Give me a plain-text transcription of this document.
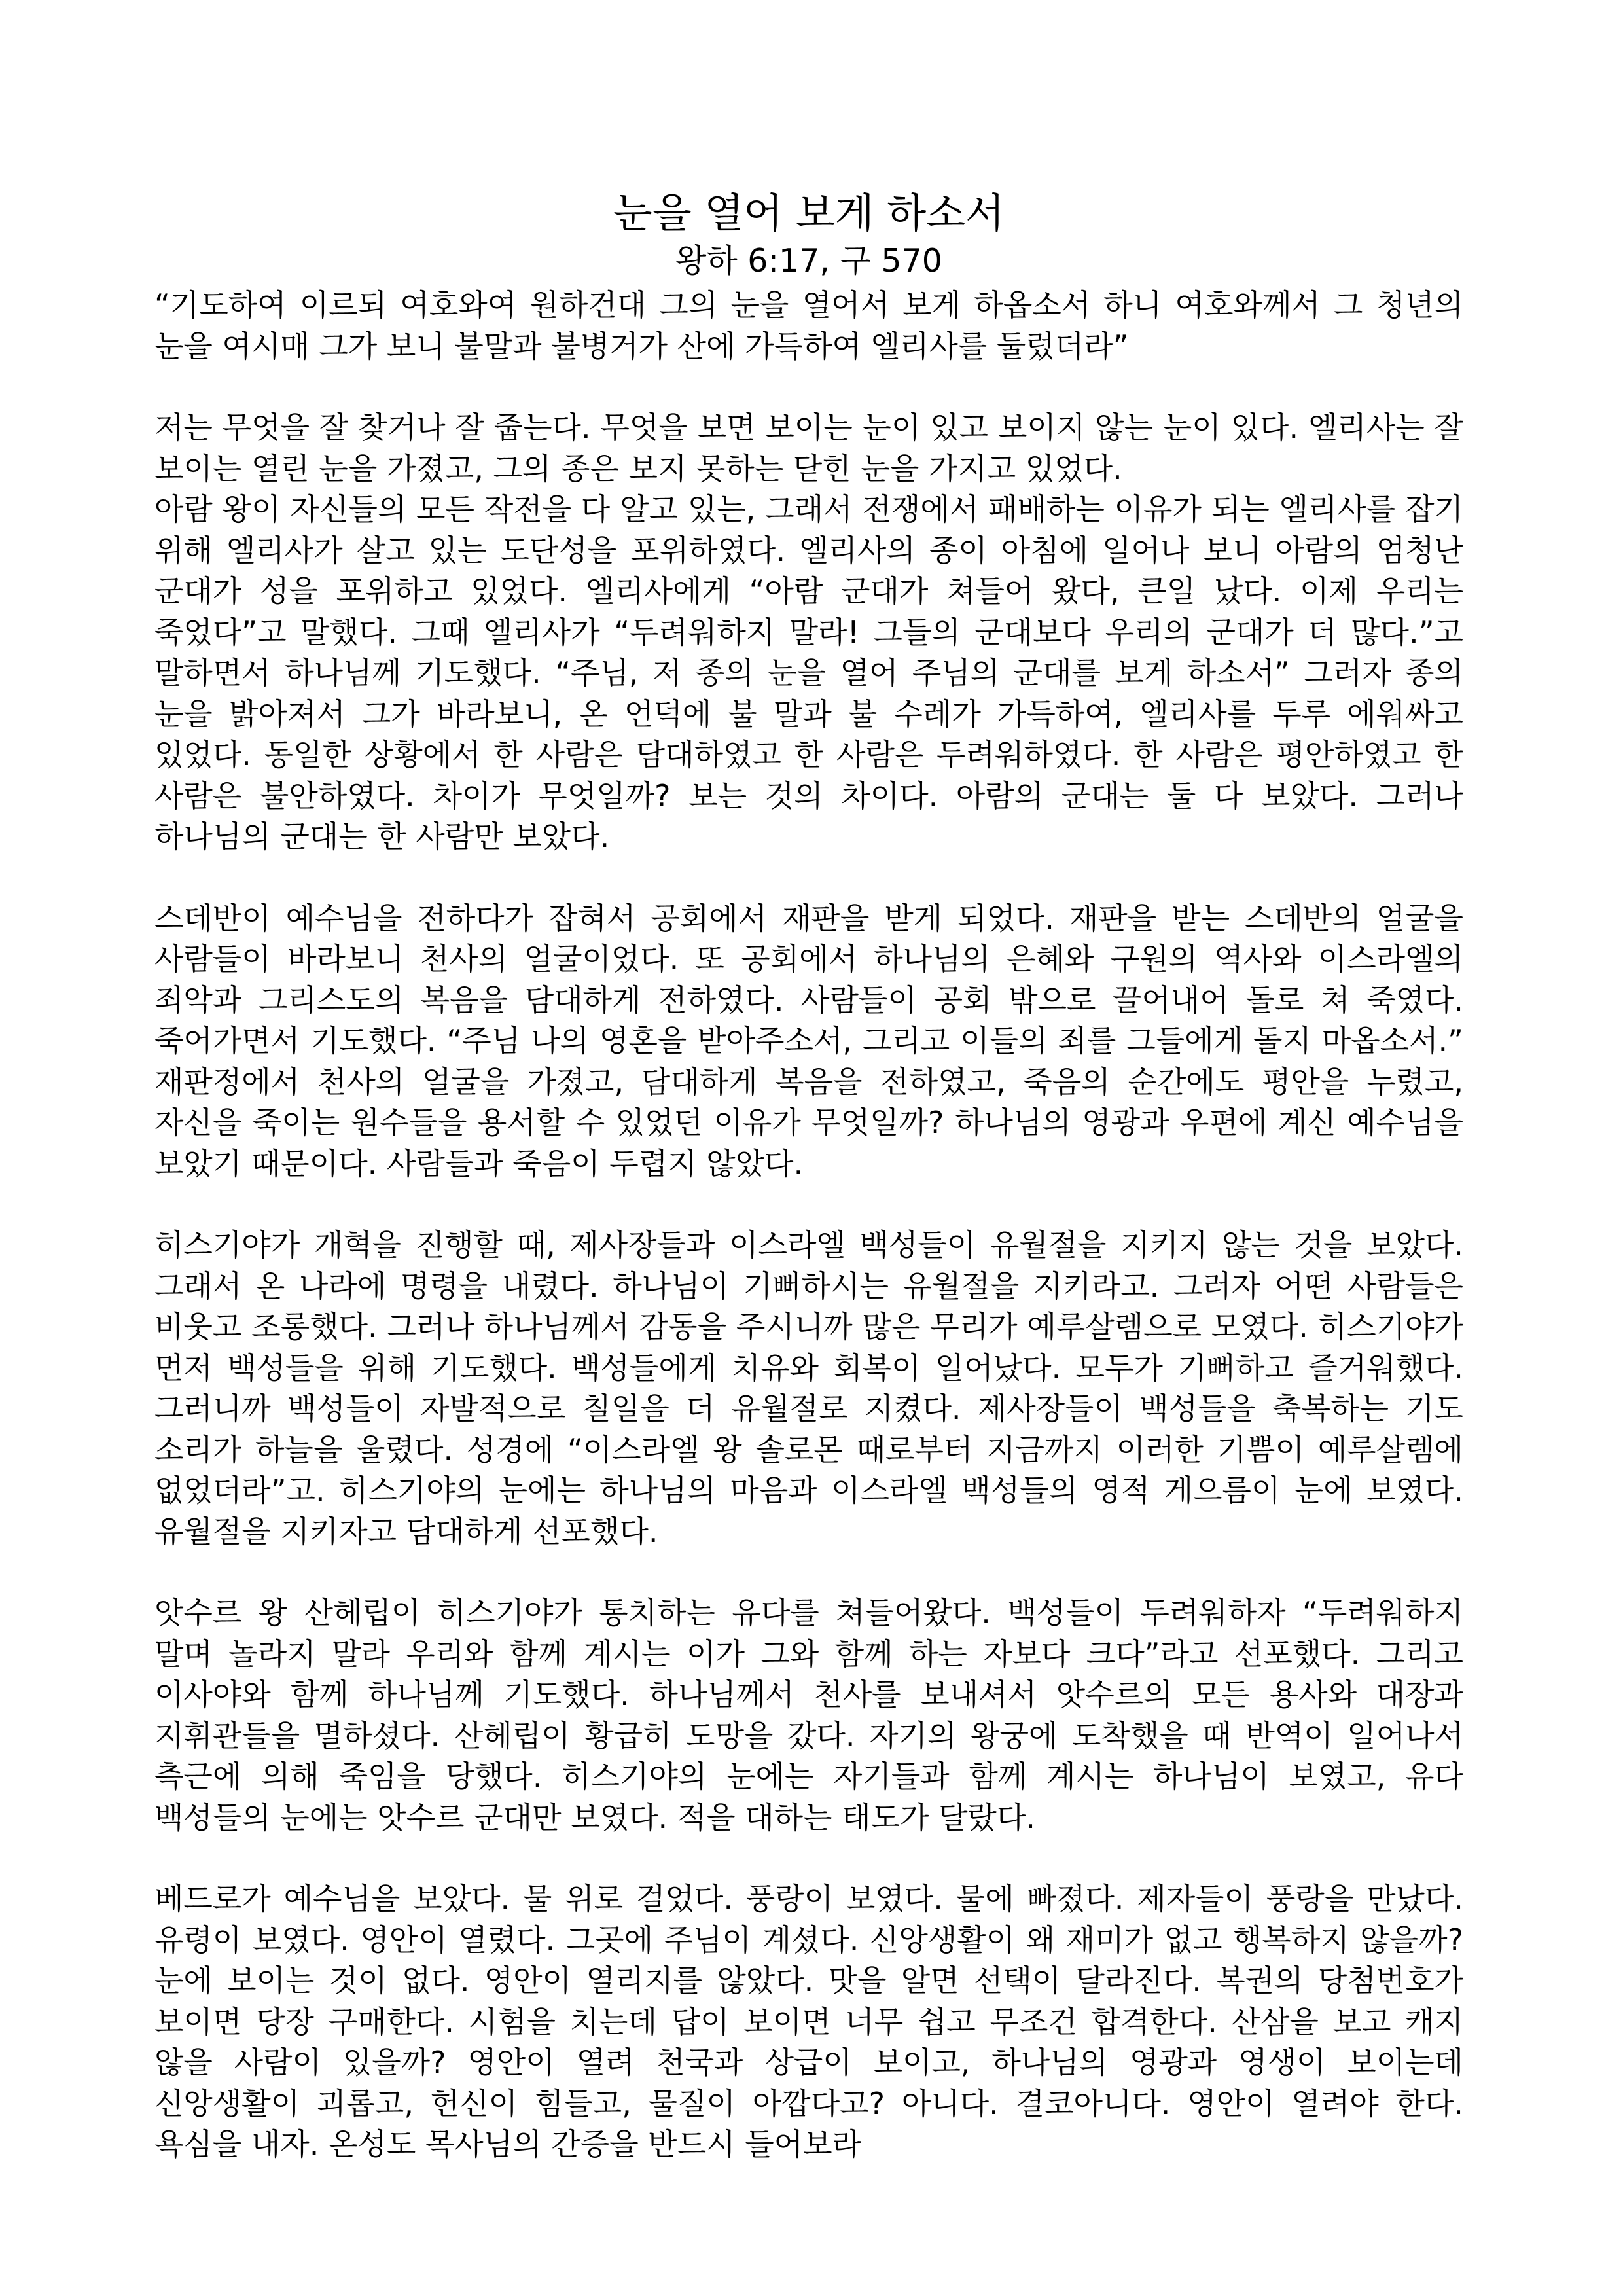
눈을 열어 보게 하소서
왕하 6:17, 구 570

“기도하여 이르되 여호와여 원하건대 그의 눈을 열어서 보게 하옵소서 하니 여호와께서 그 청년의 눈을 여시매 그가 보니 불말과 불병거가 산에 가득하여 엘리사를 둘렀더라”

저는 무엇을 잘 찾거나 잘 줍는다. 무엇을 보면 보이는 눈이 있고 보이지 않는 눈이 있다. 엘리사는 잘 보이는 열린 눈을 가졌고, 그의 종은 보지 못하는 닫힌 눈을 가지고 있었다.

아람 왕이 자신들의 모든 작전을 다 알고 있는, 그래서 전쟁에서 패배하는 이유가 되는 엘리사를 잡기 위해 엘리사가 살고 있는 도단성을 포위하였다. 엘리사의 종이 아침에 일어나 보니 아람의 엄청난 군대가 성을 포위하고 있었다. 엘리사에게 “아람 군대가 쳐들어 왔다, 큰일 났다. 이제 우리는 죽었다”고 말했다. 그때 엘리사가 “두려워하지 말라! 그들의 군대보다 우리의 군대가 더 많다.”고 말하면서 하나님께 기도했다. “주님, 저 종의 눈을 열어 주님의 군대를 보게 하소서” 그러자 종의 눈을 밝아져서 그가 바라보니, 온 언덕에 불 말과 불 수레가 가득하여, 엘리사를 두루 에워싸고 있었다. 동일한 상황에서 한 사람은 담대하였고 한 사람은 두려워하였다. 한 사람은 평안하였고 한 사람은 불안하였다. 차이가 무엇일까? 보는 것의 차이다. 아람의 군대는 둘 다 보았다. 그러나 하나님의 군대는 한 사람만 보았다.

스데반이 예수님을 전하다가 잡혀서 공회에서 재판을 받게 되었다. 재판을 받는 스데반의 얼굴을 사람들이 바라보니 천사의 얼굴이었다. 또 공회에서 하나님의 은혜와 구원의 역사와 이스라엘의 죄악과 그리스도의 복음을 담대하게 전하였다. 사람들이 공회 밖으로 끌어내어 돌로 쳐 죽였다. 죽어가면서 기도했다. “주님 나의 영혼을 받아주소서, 그리고 이들의 죄를 그들에게 돌지 마옵소서.” 재판정에서 천사의 얼굴을 가졌고, 담대하게 복음을 전하였고, 죽음의 순간에도 평안을 누렸고, 자신을 죽이는 원수들을 용서할 수 있었던 이유가 무엇일까? 하나님의 영광과 우편에 계신 예수님을 보았기 때문이다. 사람들과 죽음이 두렵지 않았다.

히스기야가 개혁을 진행할 때, 제사장들과 이스라엘 백성들이 유월절을 지키지 않는 것을 보았다. 그래서 온 나라에 명령을 내렸다. 하나님이 기뻐하시는 유월절을 지키라고. 그러자 어떤 사람들은 비웃고 조롱했다. 그러나 하나님께서 감동을 주시니까 많은 무리가 예루살렘으로 모였다. 히스기야가 먼저 백성들을 위해 기도했다. 백성들에게 치유와 회복이 일어났다. 모두가 기뻐하고 즐거워했다. 그러니까 백성들이 자발적으로 칠일을 더 유월절로 지켰다. 제사장들이 백성들을 축복하는 기도 소리가 하늘을 울렸다. 성경에 “이스라엘 왕 솔로몬 때로부터 지금까지 이러한 기쁨이 예루살렘에 없었더라”고. 히스기야의 눈에는 하나님의 마음과 이스라엘 백성들의 영적 게으름이 눈에 보였다. 유월절을 지키자고 담대하게 선포했다.

앗수르 왕 산헤립이 히스기야가 통치하는 유다를 쳐들어왔다. 백성들이 두려워하자 “두려워하지 말며 놀라지 말라 우리와 함께 계시는 이가 그와 함께 하는 자보다 크다”라고 선포했다. 그리고 이사야와 함께 하나님께 기도했다. 하나님께서 천사를 보내셔서 앗수르의 모든 용사와 대장과 지휘관들을 멸하셨다. 산헤립이 황급히 도망을 갔다. 자기의 왕궁에 도착했을 때 반역이 일어나서 측근에 의해 죽임을 당했다. 히스기야의 눈에는 자기들과 함께 계시는 하나님이 보였고, 유다 백성들의 눈에는 앗수르 군대만 보였다. 적을 대하는 태도가 달랐다.

베드로가 예수님을 보았다. 물 위로 걸었다. 풍랑이 보였다. 물에 빠졌다. 제자들이 풍랑을 만났다. 유령이 보였다. 영안이 열렸다. 그곳에 주님이 계셨다. 신앙생활이 왜 재미가 없고 행복하지 않을까? 눈에 보이는 것이 없다. 영안이 열리지를 않았다. 맛을 알면 선택이 달라진다. 복권의 당첨번호가 보이면 당장 구매한다. 시험을 치는데 답이 보이면 너무 쉽고 무조건 합격한다. 산삼을 보고 캐지 않을 사람이 있을까? 영안이 열려 천국과 상급이 보이고, 하나님의 영광과 영생이 보이는데 신앙생활이 괴롭고, 헌신이 힘들고, 물질이 아깝다고? 아니다. 결코아니다. 영안이 열려야 한다. 욕심을 내자. 온성도 목사님의 간증을 반드시 들어보라
